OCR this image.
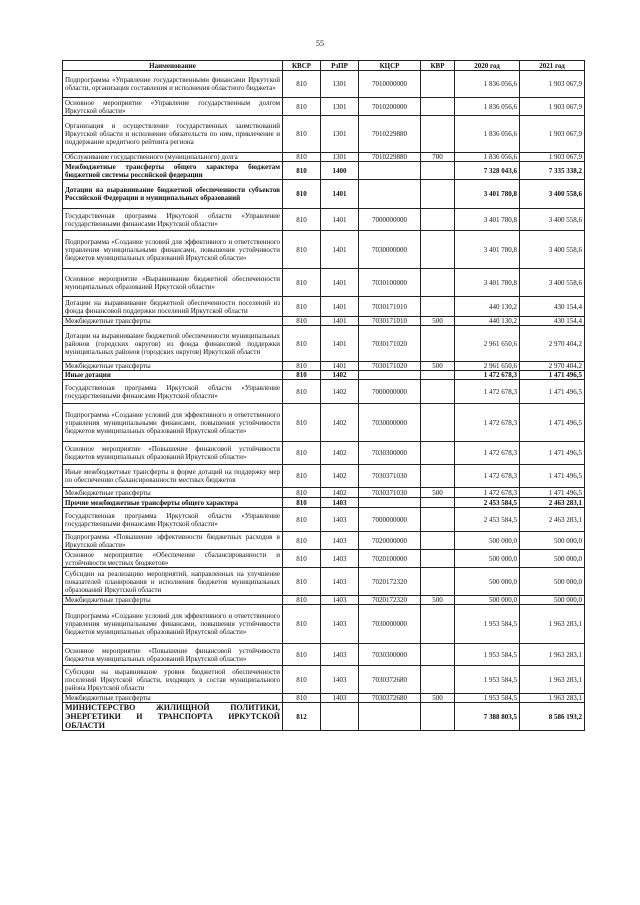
55
Наименование	КВСР	РзПР	КЦСР	КВР	2020 год	2021 год
Подпрограмма «Управление государственными финансами Иркутской области, организация составления и исполнения областного бюджета»	810	1301	7010000000		1 836 056,6	1 903 067,9
Основное мероприятие «Управление государственным долгом Иркутской области»	810	1301	7010200000		1 836 056,6	1 903 067,9
Организация и осуществление государственных заимствований Иркутской области и исполнение обязательств по ним, привлечение и поддержание кредитного рейтинга региона	810	1301	7010229880		1 836 056,6	1 903 067,9
Обслуживание государственного (муниципального) долга	810	1301	7010229880	700	1 836 056,6	1 903 067,9
Межбюджетные трансферты общего характера бюджетам бюджетной системы российской федерации	810	1400			7 328 043,6	7 335 338,2
Дотации на выравнивание бюджетной обеспеченности субъектов Российской Федерации и муниципальных образований	810	1401			3 401 780,8	3 400 558,6
Государственная программа Иркутской области «Управление государственными финансами Иркутской области»	810	1401	7000000000		3 401 780,8	3 400 558,6
Подпрограмма «Создание условий для эффективного и ответственного управления муниципальными финансами, повышения устойчивости бюджетов муниципальных образований Иркутской области»	810	1401	7030000000		3 401 780,8	3 400 558,6
Основное мероприятие «Выравнивание бюджетной обеспеченности муниципальных образований Иркутской области»	810	1401	7030100000		3 401 780,8	3 400 558,6
Дотации на выравнивание бюджетной обеспеченности поселений из фонда финансовой поддержки поселений Иркутской области	810	1401	7030171010		440 130,2	430 154,4
Межбюджетные трансферты	810	1401	7030171010	500	440 130,2	430 154,4
Дотации на выравнивание бюджетной обеспеченности муниципальных районов (городских округов) из фонда финансовой поддержки муниципальных районов (городских округов) Иркутской области	810	1401	7030171020		2 961 650,6	2 970 404,2
Межбюджетные трансферты	810	1401	7030171020	500	2 961 650,6	2 970 404,2
Иные дотации	810	1402			1 472 678,3	1 471 496,5
Государственная программа Иркутской области «Управление государственными финансами Иркутской области»	810	1402	7000000000		1 472 678,3	1 471 496,5
Подпрограмма «Создание условий для эффективного и ответственного управления муниципальными финансами, повышения устойчивости бюджетов муниципальных образований Иркутской области»	810	1402	7030000000		1 472 678,3	1 471 496,5
Основное мероприятие «Повышение финансовой устойчивости бюджетов муниципальных образований Иркутской области»	810	1402	7030300000		1 472 678,3	1 471 496,5
Иные межбюджетные трансферты в форме дотаций на поддержку мер по обеспечению сбалансированности местных бюджетов	810	1402	7030371030		1 472 678,3	1 471 496,5
Межбюджетные трансферты	810	1402	7030371030	500	1 472 678,3	1 471 496,5
Прочие межбюджетные трансферты общего характера	810	1403			2 453 584,5	2 463 283,1
Государственная программа Иркутской области «Управление государственными финансами Иркутской области»	810	1403	7000000000		2 453 584,5	2 463 283,1
Подпрограмма «Повышение эффективности бюджетных расходов в Иркутской области»	810	1403	7020000000		500 000,0	500 000,0
Основное мероприятие «Обеспечение сбалансированности и устойчивости местных бюджетов»	810	1403	7020100000		500 000,0	500 000,0
Субсидии на реализацию мероприятий, направленных на улучшение показателей планирования и исполнения бюджетов муниципальных образований Иркутской области	810	1403	7020172320		500 000,0	500 000,0
Межбюджетные трансферты	810	1403	7020172320	500	500 000,0	500 000,0
Подпрограмма «Создание условий для эффективного и ответственного управления муниципальными финансами, повышения устойчивости бюджетов муниципальных образований Иркутской области»	810	1403	7030000000		1 953 584,5	1 963 283,1
Основное мероприятие «Повышение финансовой устойчивости бюджетов муниципальных образований Иркутской области»	810	1403	7030300000		1 953 584,5	1 963 283,1
Субсидии на выравнивание уровня бюджетной обеспеченности поселений Иркутской области, входящих в состав муниципального района Иркутской области	810	1403	7030372680		1 953 584,5	1 963 283,1
Межбюджетные трансферты	810	1403	7030372680	500	1 953 584,5	1 963 283,1
МИНИСТЕРСТВО ЖИЛИЩНОЙ ПОЛИТИКИ, ЭНЕРГЕТИКИ И ТРАНСПОРТА ИРКУТСКОЙ ОБЛАСТИ	812				7 388 803,5	8 586 193,2
